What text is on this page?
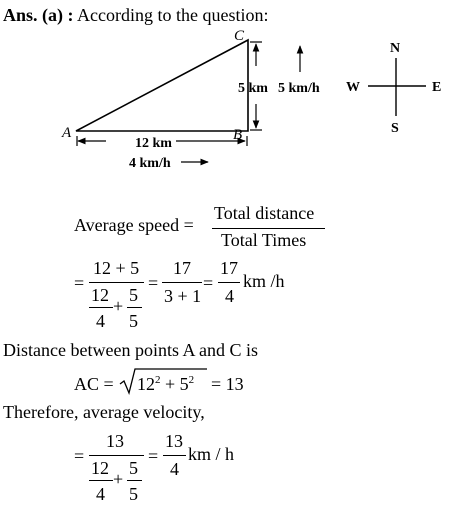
Ans. (a) : According to the question:
A	B
C
12 km
4 km/h
5 km 5 km/h
N
S
W	E
Average speed =
Total distance
Total Times
=
12 + 5
12
4
+
5
5
=
17
3 + 1
=
17
4
km /h
Distance between points A and C is
AC = $12^2 + 5^2 = 13$
Therefore, average velocity,
=
13
12
4
+
5
5
=
13
4
km / h
